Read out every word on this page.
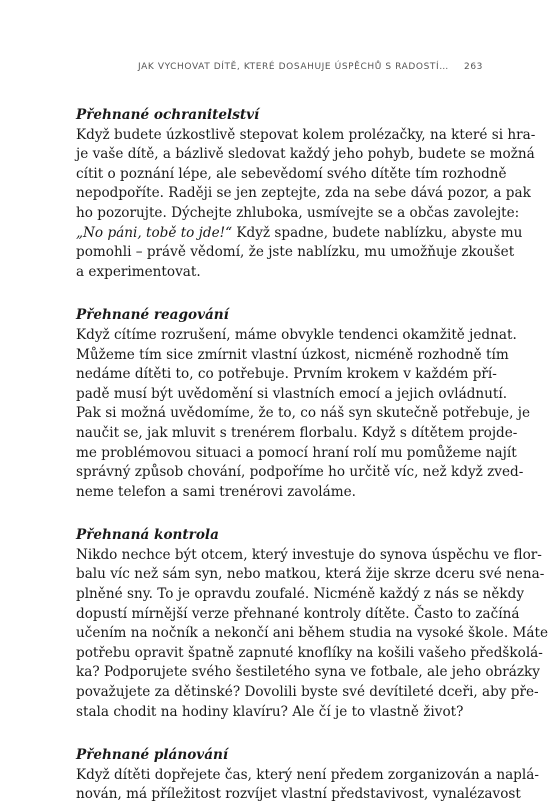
JAK VYCHOVAT DÍTĚ, KTERÉ DOSAHUJE ÚSPĚCHŮ S RADOSTÍ… 263
Přehnané ochranitelství
Když budete úzkostlivě stepovat kolem prolézačky, na které si hra-
je vaše dítě, a bázlivě sledovat každý jeho pohyb, budete se možná
cítit o poznání lépe, ale sebevědomí svého dítěte tím rozhodně
nepodpoříte. Raději se jen zeptejte, zda na sebe dává pozor, a pak
ho pozorujte. Dýchejte zhluboka, usmívejte se a občas zavolejte:
„No páni, tobě to jde!“ Když spadne, budete nablízku, abyste mu
pomohli – právě vědomí, že jste nablízku, mu umožňuje zkoušet
a experimentovat.
Přehnané reagování
Když cítíme rozrušení, máme obvykle tendenci okamžitě jednat.
Můžeme tím sice zmírnit vlastní úzkost, nicméně rozhodně tím
nedáme dítěti to, co potřebuje. Prvním krokem v každém pří-
padě musí být uvědomění si vlastních emocí a jejich ovládnutí.
Pak si možná uvědomíme, že to, co náš syn skutečně potřebuje, je
naučit se, jak mluvit s trenérem florbalu. Když s dítětem projde-
me problémovou situaci a pomocí hraní rolí mu pomůžeme najít
správný způsob chování, podpoříme ho určitě víc, než když zved-
neme telefon a sami trenérovi zavoláme.
Přehnaná kontrola
Nikdo nechce být otcem, který investuje do synova úspěchu ve flor-
balu víc než sám syn, nebo matkou, která žije skrze dceru své nena-
plněné sny. To je opravdu zoufalé. Nicméně každý z nás se někdy
dopustí mírnější verze přehnané kontroly dítěte. Často to začíná
učením na nočník a nekončí ani během studia na vysoké škole. Máte
potřebu opravit špatně zapnuté knoflíky na košili vašeho předškolá-
ka? Podporujete svého šestiletého syna ve fotbale, ale jeho obrázky
považujete za dětinské? Dovolili byste své devítileté dceři, aby pře-
stala chodit na hodiny klavíru? Ale čí je to vlastně život?
Přehnané plánování
Když dítěti dopřejete čas, který není předem zorganizován a naplá-
nován, má příležitost rozvíjet vlastní představivost, vynalézavost
